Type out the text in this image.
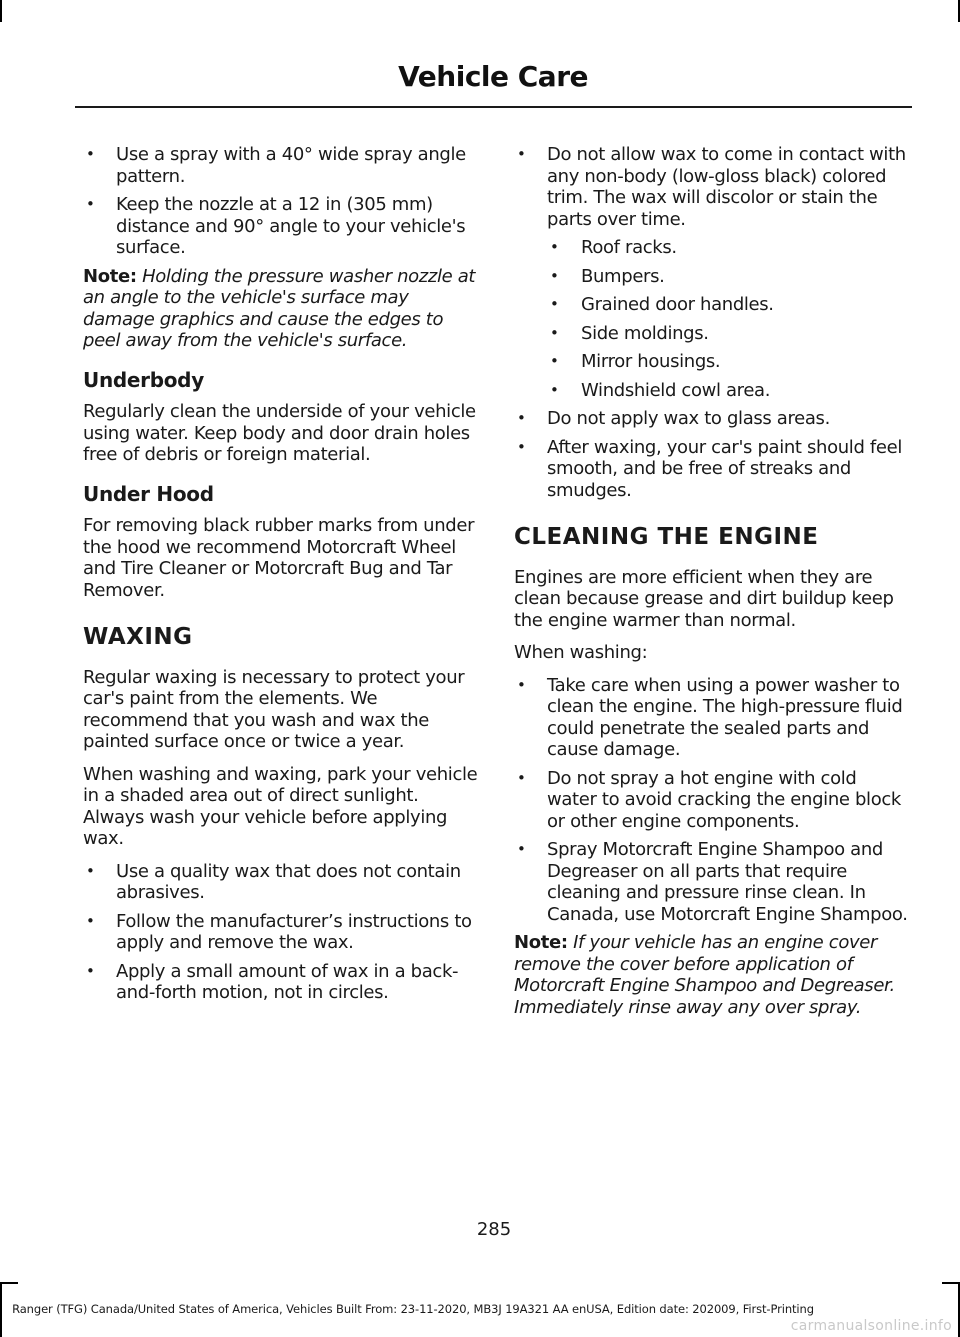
Vehicle Care
• Use a spray with a 40° wide spray angle pattern.
• Keep the nozzle at a 12 in (305 mm) distance and 90° angle to your vehicle's surface.

Note: Holding the pressure washer nozzle at an angle to the vehicle's surface may damage graphics and cause the edges to peel away from the vehicle's surface.

Underbody

Regularly clean the underside of your vehicle using water. Keep body and door drain holes free of debris or foreign material.

Under Hood

For removing black rubber marks from under the hood we recommend Motorcraft Wheel and Tire Cleaner or Motorcraft Bug and Tar Remover.

WAXING

Regular waxing is necessary to protect your car's paint from the elements. We recommend that you wash and wax the painted surface once or twice a year.

When washing and waxing, park your vehicle in a shaded area out of direct sunlight. Always wash your vehicle before applying wax.

• Use a quality wax that does not contain abrasives.
• Follow the manufacturer’s instructions to apply and remove the wax.
• Apply a small amount of wax in a back-and-forth motion, not in circles.
• Do not allow wax to come in contact with any non-body (low-gloss black) colored trim. The wax will discolor or stain the parts over time.
• Roof racks.
• Bumpers.
• Grained door handles.
• Side moldings.
• Mirror housings.
• Windshield cowl area.
• Do not apply wax to glass areas.
• After waxing, your car's paint should feel smooth, and be free of streaks and smudges.
CLEANING THE ENGINE

Engines are more efficient when they are clean because grease and dirt buildup keep the engine warmer than normal.

When washing:

• Take care when using a power washer to clean the engine. The high-pressure fluid could penetrate the sealed parts and cause damage.
• Do not spray a hot engine with cold water to avoid cracking the engine block or other engine components.
• Spray Motorcraft Engine Shampoo and Degreaser on all parts that require cleaning and pressure rinse clean. In Canada, use Motorcraft Engine Shampoo.

Note: If your vehicle has an engine cover remove the cover before application of Motorcraft Engine Shampoo and Degreaser. Immediately rinse away any over spray.

285
Ranger (TFG) Canada/United States of America, Vehicles Built From: 23-11-2020, MB3J 19A321 AA enUSA, Edition date: 202009, First-Printing
carmanualsonline.info
